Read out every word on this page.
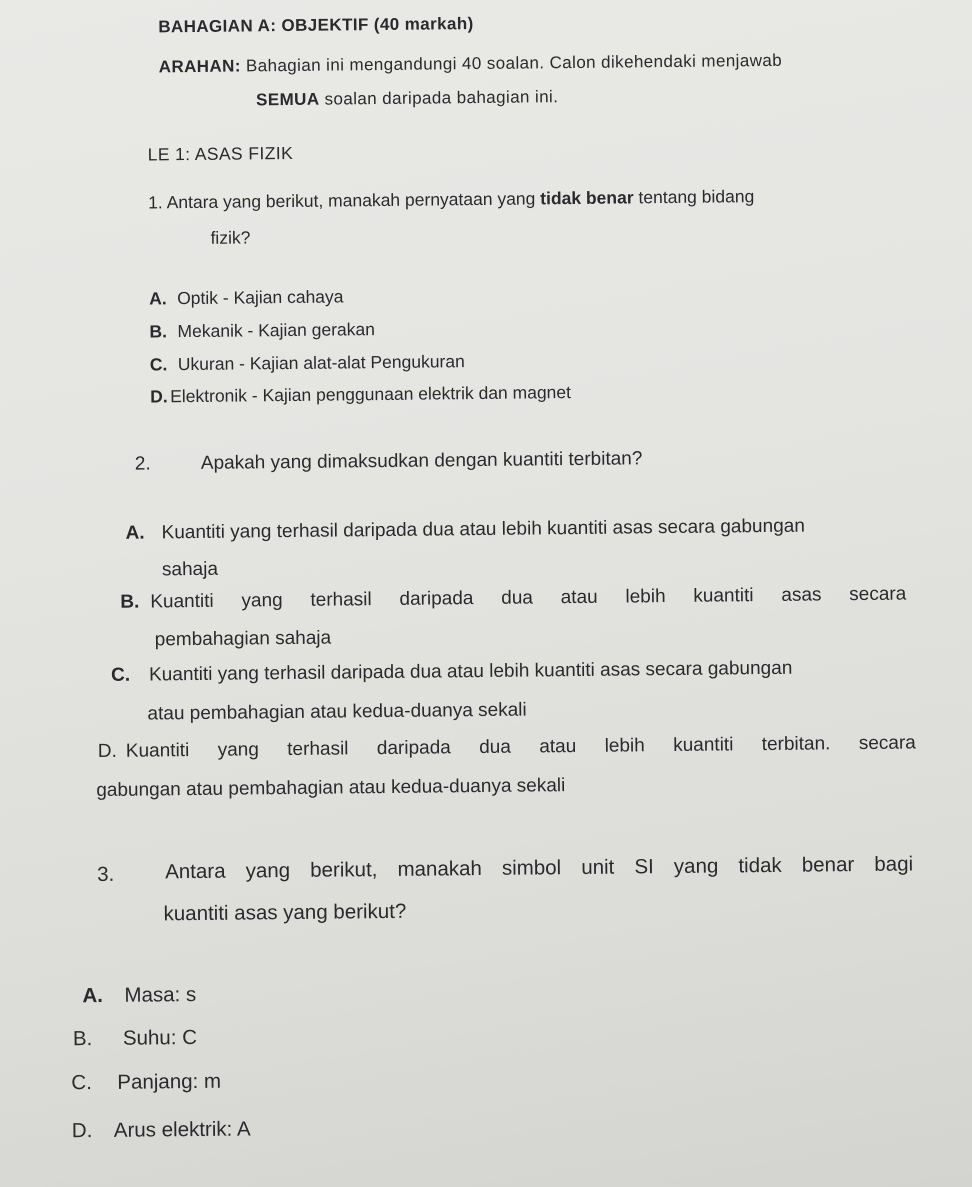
BAHAGIAN A: OBJEKTIF (40 markah)
ARAHAN: Bahagian ini mengandungi 40 soalan. Calon dikehendaki menjawab
SEMUA soalan daripada bahagian ini.
LE 1: ASAS FIZIK
1. Antara yang berikut, manakah pernyataan yang tidak benar tentang bidang
fizik?
A. Optik - Kajian cahaya
B. Mekanik - Kajian gerakan
C. Ukuran - Kajian alat-alat Pengukuran
D. Elektronik - Kajian penggunaan elektrik dan magnet
2.	Apakah yang dimaksudkan dengan kuantiti terbitan?
A. Kuantiti yang terhasil daripada dua atau lebih kuantiti asas secara gabungan
sahaja
B. Kuantiti yang terhasil daripada dua atau lebih kuantiti asas secara
pembahagian sahaja
C. Kuantiti yang terhasil daripada dua atau lebih kuantiti asas secara gabungan
atau pembahagian atau kedua-duanya sekali
D. Kuantiti yang terhasil daripada dua atau lebih kuantiti terbitan. secara
gabungan atau pembahagian atau kedua-duanya sekali
3. Antara yang berikut, manakah simbol unit SI yang tidak benar bagi
kuantiti asas yang berikut?
A. Masa: s
B. Suhu: C
C. Panjang: m
D. Arus elektrik: A
